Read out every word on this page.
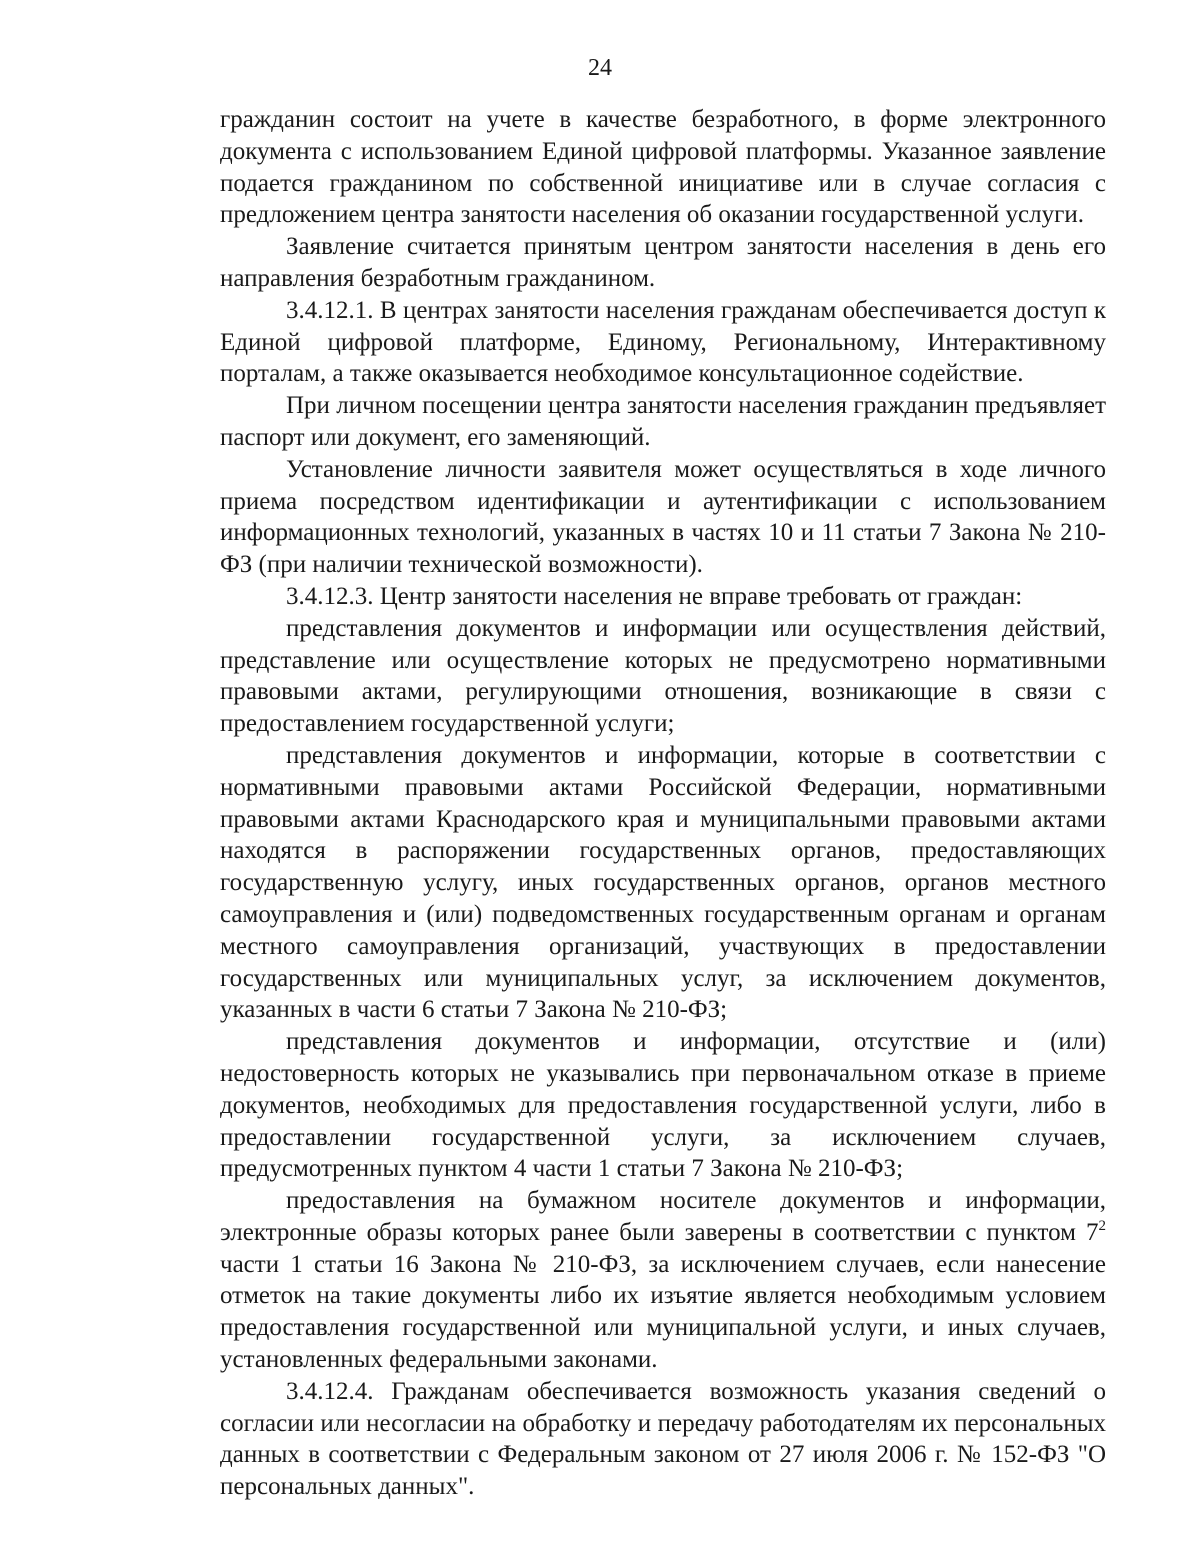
24

гражданин состоит на учете в качестве безработного, в форме электронного документа с использованием Единой цифровой платформы. Указанное заявление подается гражданином по собственной инициативе или в случае согласия с предложением центра занятости населения об оказании государственной услуги.

Заявление считается принятым центром занятости населения в день его направления безработным гражданином.

3.4.12.1. В центрах занятости населения гражданам обеспечивается доступ к Единой цифровой платформе, Единому, Региональному, Интерактивному порталам, а также оказывается необходимое консультационное содействие.

При личном посещении центра занятости населения гражданин предъявляет паспорт или документ, его заменяющий.

Установление личности заявителя может осуществляться в ходе личного приема посредством идентификации и аутентификации с использованием информационных технологий, указанных в частях 10 и 11 статьи 7 Закона № 210-ФЗ (при наличии технической возможности).

3.4.12.3. Центр занятости населения не вправе требовать от граждан:

представления документов и информации или осуществления действий, представление или осуществление которых не предусмотрено нормативными правовыми актами, регулирующими отношения, возникающие в связи с предоставлением государственной услуги;

представления документов и информации, которые в соответствии с нормативными правовыми актами Российской Федерации, нормативными правовыми актами Краснодарского края и муниципальными правовыми актами находятся в распоряжении государственных органов, предоставляющих государственную услугу, иных государственных органов, органов местного самоуправления и (или) подведомственных государственным органам и органам местного самоуправления организаций, участвующих в предоставлении государственных или муниципальных услуг, за исключением документов, указанных в части 6 статьи 7 Закона № 210-ФЗ;

представления документов и информации, отсутствие и (или) недостоверность которых не указывались при первоначальном отказе в приеме документов, необходимых для предоставления государственной услуги, либо в предоставлении государственной услуги, за исключением случаев, предусмотренных пунктом 4 части 1 статьи 7 Закона № 210-ФЗ;

предоставления на бумажном носителе документов и информации, электронные образы которых ранее были заверены в соответствии с пунктом $7^2$ части 1 статьи 16 Закона № 210-ФЗ, за исключением случаев, если нанесение отметок на такие документы либо их изъятие является необходимым условием предоставления государственной или муниципальной услуги, и иных случаев, установленных федеральными законами.

3.4.12.4. Гражданам обеспечивается возможность указания сведений о согласии или несогласии на обработку и передачу работодателям их персональных данных в соответствии с Федеральным законом от 27 июля 2006 г. № 152-ФЗ "О персональных данных".
